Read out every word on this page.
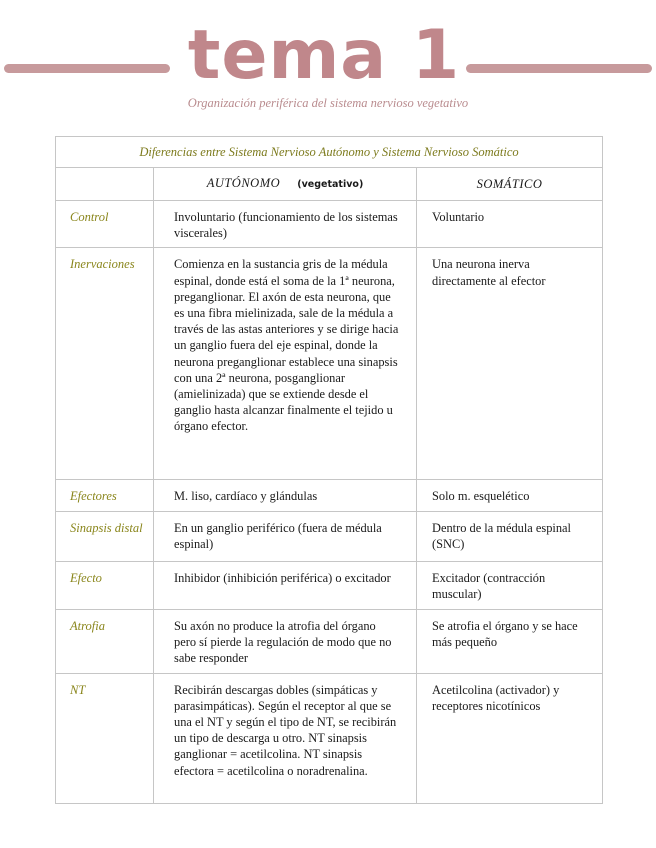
tema 1
Organización periférica del sistema nervioso vegetativo
Diferencias entre Sistema Nervioso Autónomo y Sistema Nervioso Somático		
	AUTÓNOMO (vegetativo)	SOMÁTICO
Control	Involuntario (funcionamiento de los sistemas viscerales)	Voluntario
Inervaciones	Comienza en la sustancia gris de la médula espinal, donde está el soma de la 1ª neurona, preganglionar. El axón de esta neurona, que es una fibra mielinizada, sale de la médula a través de las astas anteriores y se dirige hacia un ganglio fuera del eje espinal, donde la neurona preganglionar establece una sinapsis con una 2ª neurona, posganglionar (amielinizada) que se extiende desde el ganglio hasta alcanzar finalmente el tejido u órgano efector.	Una neurona inerva directamente al efector
Efectores	M. liso, cardíaco y glándulas	Solo m. esquelético
Sinapsis distal	En un ganglio periférico (fuera de médula espinal)	Dentro de la médula espinal (SNC)
Efecto	Inhibidor (inhibición periférica) o excitador	Excitador (contracción muscular)
Atrofia	Su axón no produce la atrofia del órgano pero sí pierde la regulación de modo que no sabe responder	Se atrofia el órgano y se hace más pequeño
NT	Recibirán descargas dobles (simpáticas y parasimpáticas). Según el receptor al que se una el NT y según el tipo de NT, se recibirán un tipo de descarga u otro. NT sinapsis ganglionar = acetilcolina. NT sinapsis efectora = acetilcolina o noradrenalina.	Acetilcolina (activador) y receptores nicotínicos
